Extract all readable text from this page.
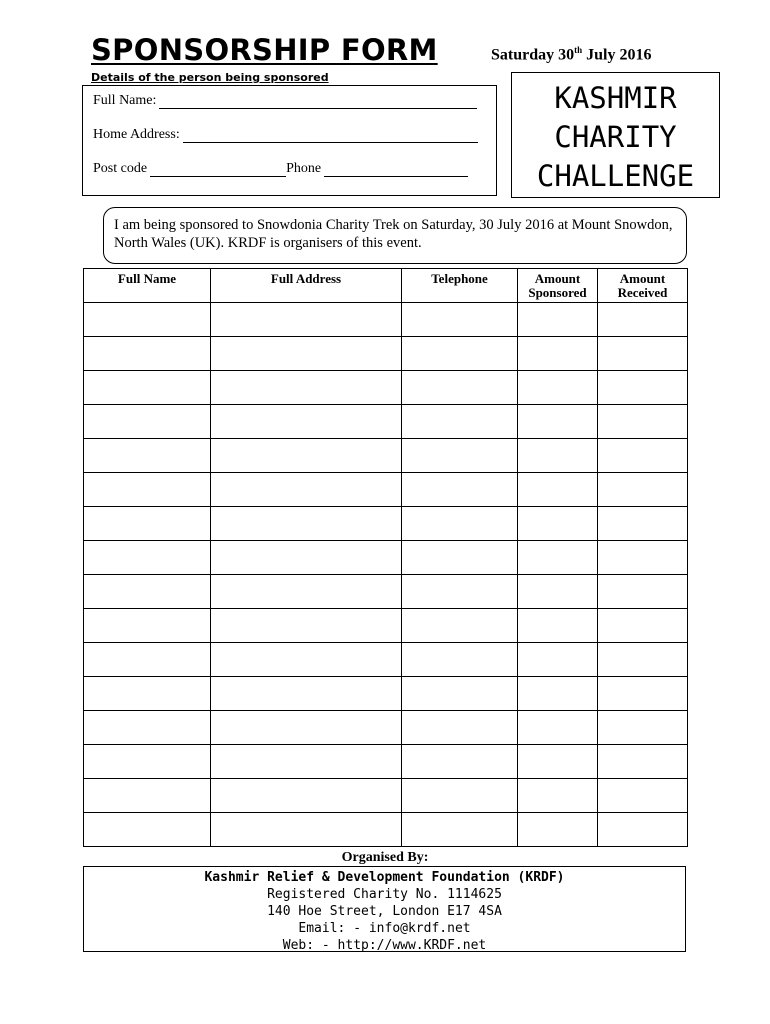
SPONSORSHIP FORM	Saturday 30th July 2016
Details of the person being sponsored
Full Name:
Home Address:
Post code	Phone
KASHMIR
CHARITY
CHALLENGE
I am being sponsored to Snowdonia Charity Trek on Saturday, 30 July 2016 at Mount Snowdon, North Wales (UK). KRDF is organisers of this event.
Full Name	Full Address	Telephone	Amount Sponsored	Amount Received

Organised By:
Kashmir Relief & Development Foundation (KRDF)
Registered Charity No. 1114625
140 Hoe Street, London E17 4SA
Email: - info@krdf.net
Web: - http://www.KRDF.net
